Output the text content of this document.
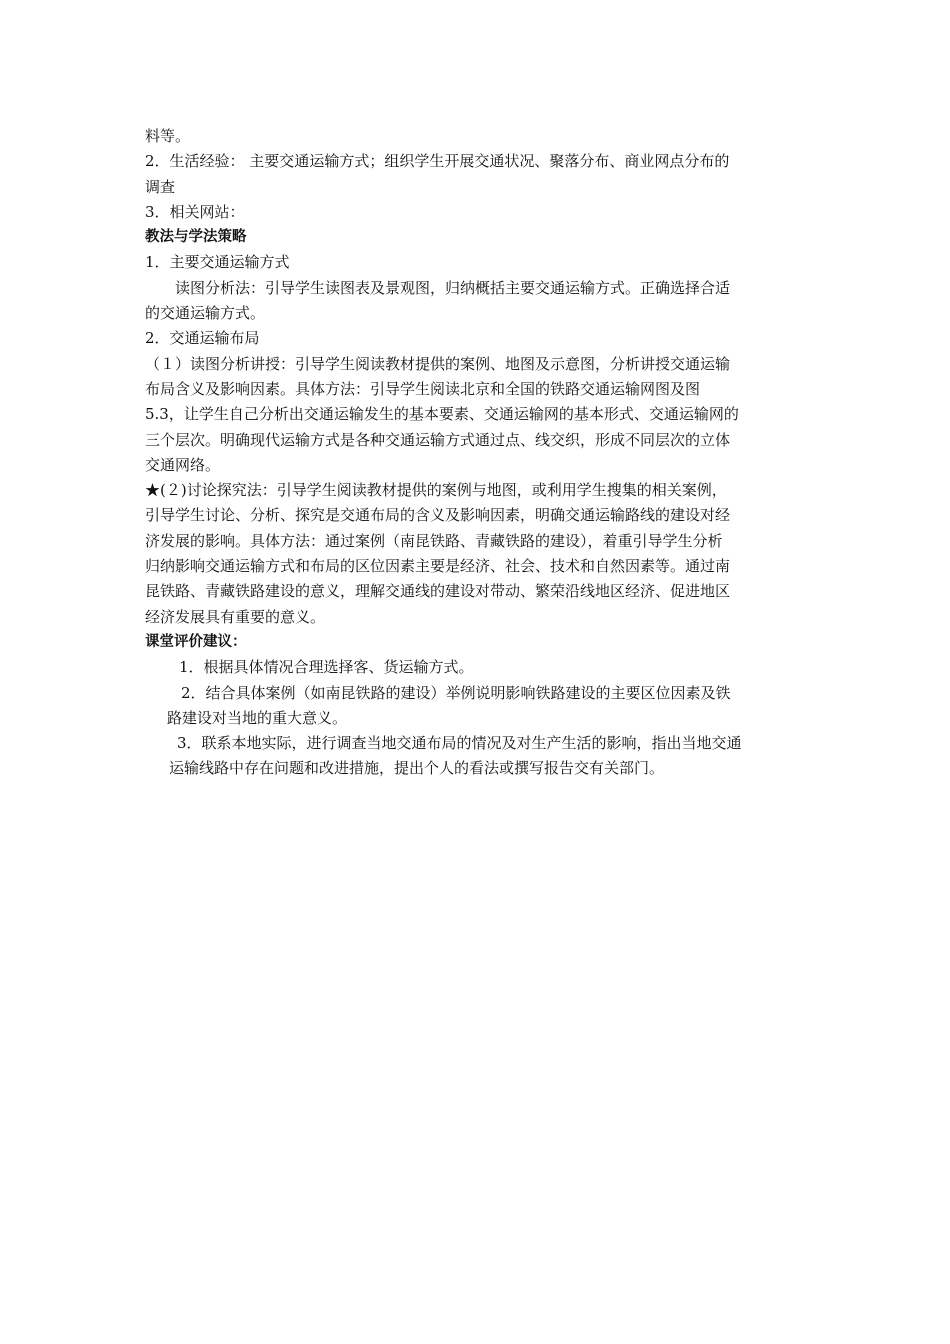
料等。
2．生活经验： 主要交通运输方式；组织学生开展交通状况、聚落分布、商业网点分布的
调查
3．相关网站：
教法与学法策略
1．主要交通运输方式
读图分析法：引导学生读图表及景观图，归纳概括主要交通运输方式。正确选择合适
的交通运输方式。
2．交通运输布局
（１）读图分析讲授：引导学生阅读教材提供的案例、地图及示意图，分析讲授交通运输
布局含义及影响因素。具体方法：引导学生阅读北京和全国的铁路交通运输网图及图
5.3，让学生自己分析出交通运输发生的基本要素、交通运输网的基本形式、交通运输网的
三个层次。明确现代运输方式是各种交通运输方式通过点、线交织，形成不同层次的立体
交通网络。
★(２)讨论探究法：引导学生阅读教材提供的案例与地图，或利用学生搜集的相关案例，
引导学生讨论、分析、探究是交通布局的含义及影响因素，明确交通运输路线的建设对经
济发展的影响。具体方法：通过案例（南昆铁路、青藏铁路的建设），着重引导学生分析
归纳影响交通运输方式和布局的区位因素主要是经济、社会、技术和自然因素等。通过南
昆铁路、青藏铁路建设的意义，理解交通线的建设对带动、繁荣沿线地区经济、促进地区
经济发展具有重要的意义。
课堂评价建议：
1．根据具体情况合理选择客、货运输方式。
2．结合具体案例（如南昆铁路的建设）举例说明影响铁路建设的主要区位因素及铁
路建设对当地的重大意义。
3．联系本地实际，进行调查当地交通布局的情况及对生产生活的影响，指出当地交通
运输线路中存在问题和改进措施，提出个人的看法或撰写报告交有关部门。
